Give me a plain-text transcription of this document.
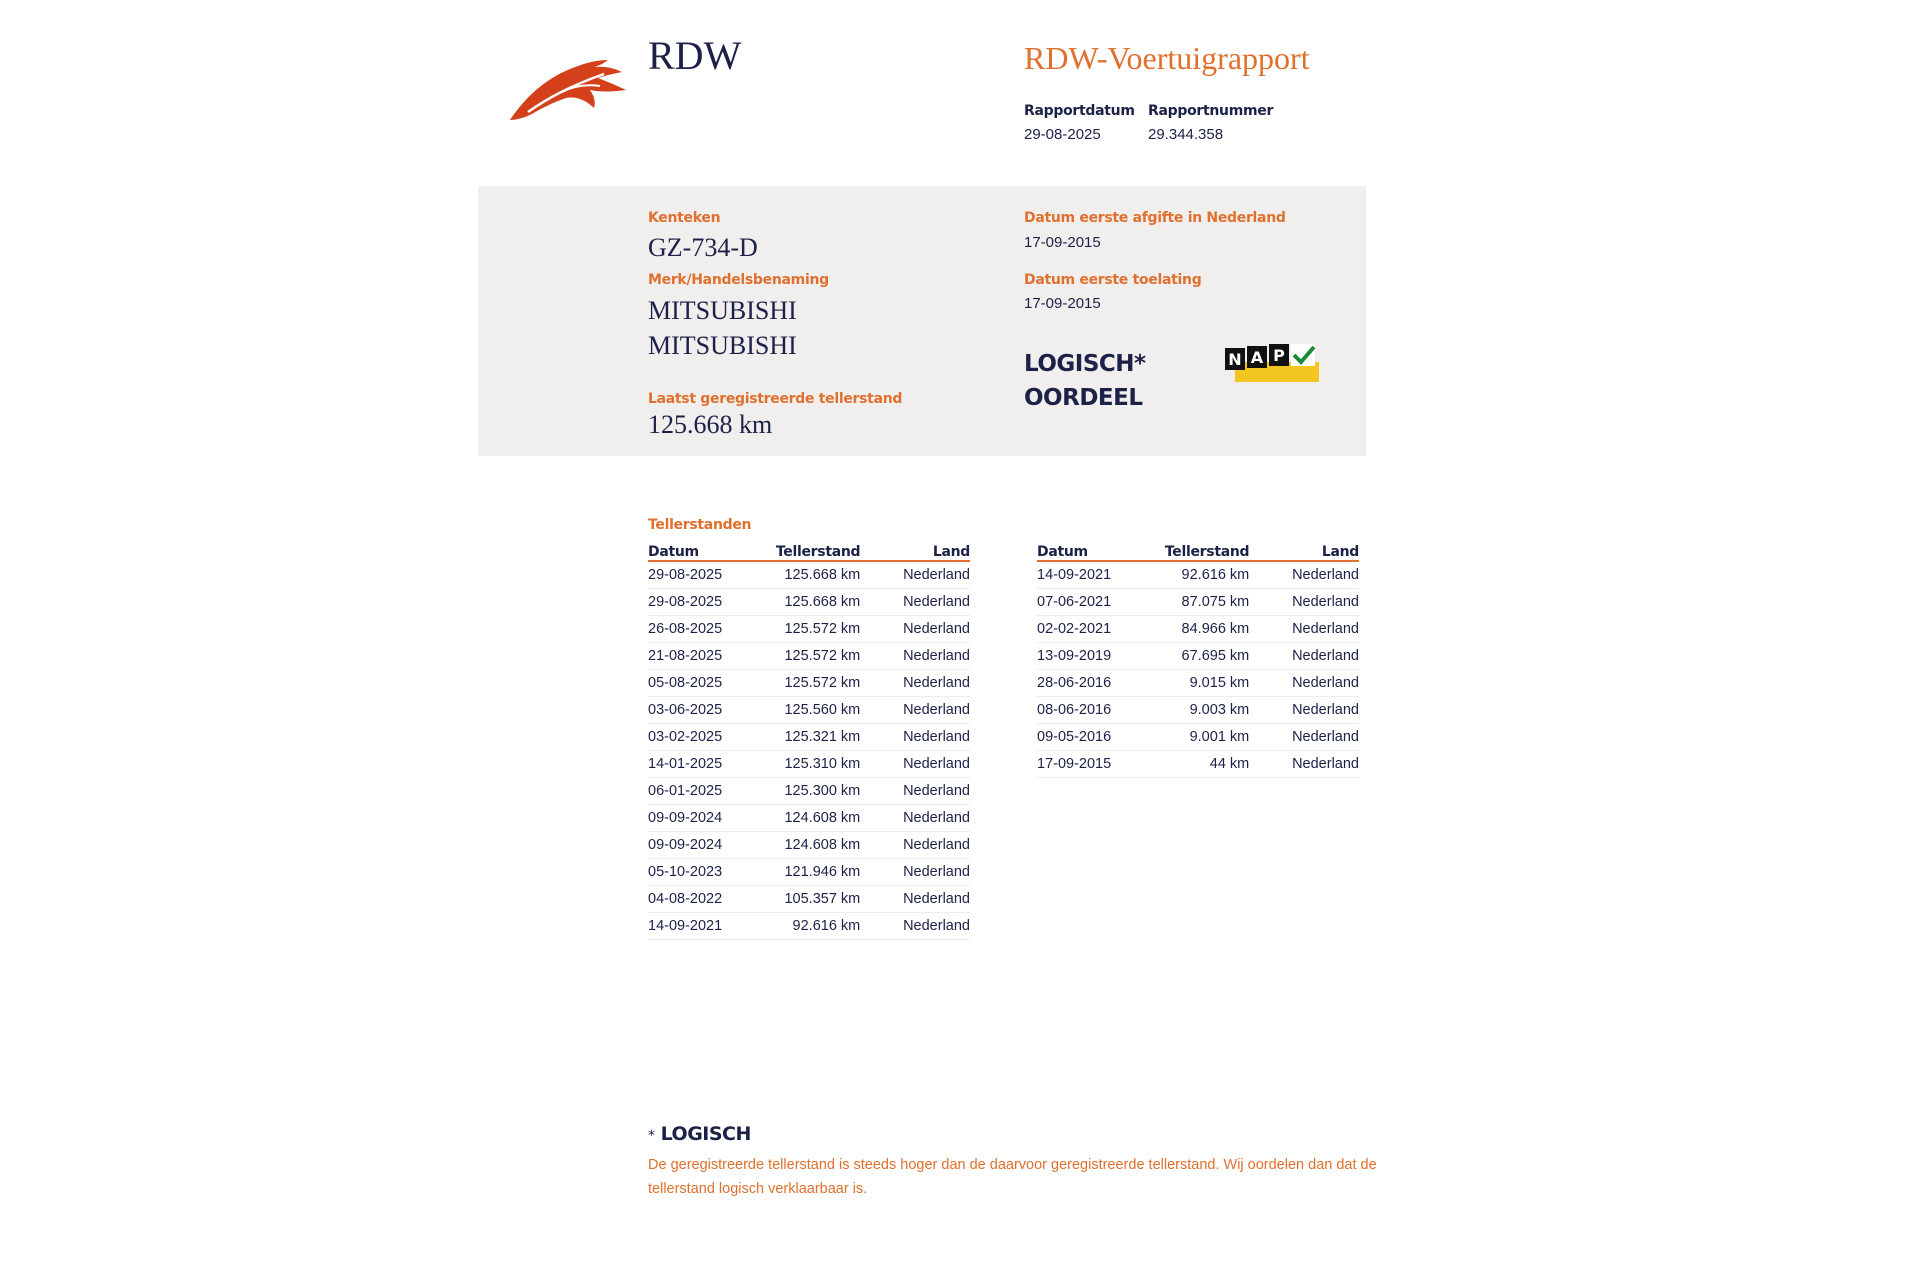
RDW	RDW-Voertuigrapport
Rapportdatum
29-08-2025
Rapportnummer
29.344.358
Kenteken
GZ-734-D
Merk/Handelsbenaming
MITSUBISHI
MITSUBISHI
Laatst geregistreerde tellerstand
125.668 km
Datum eerste afgifte in Nederland
17-09-2015
Datum eerste toelating
17-09-2015
LOGISCH*
OORDEEL
N A P
Tellerstanden
Datum	Tellerstand	Land
29-08-2025	125.668 km	Nederland
29-08-2025	125.668 km	Nederland
26-08-2025	125.572 km	Nederland
21-08-2025	125.572 km	Nederland
05-08-2025	125.572 km	Nederland
03-06-2025	125.560 km	Nederland
03-02-2025	125.321 km	Nederland
14-01-2025	125.310 km	Nederland
06-01-2025	125.300 km	Nederland
09-09-2024	124.608 km	Nederland
09-09-2024	124.608 km	Nederland
05-10-2023	121.946 km	Nederland
04-08-2022	105.357 km	Nederland
14-09-2021	92.616 km	Nederland
Datum	Tellerstand	Land
14-09-2021	92.616 km	Nederland
07-06-2021	87.075 km	Nederland
02-02-2021	84.966 km	Nederland
13-09-2019	67.695 km	Nederland
28-06-2016	9.015 km	Nederland
08-06-2016	9.003 km	Nederland
09-05-2016	9.001 km	Nederland
17-09-2015	44 km	Nederland
* LOGISCH
De geregistreerde tellerstand is steeds hoger dan de daarvoor geregistreerde tellerstand. Wij oordelen dan dat de tellerstand logisch verklaarbaar is.
